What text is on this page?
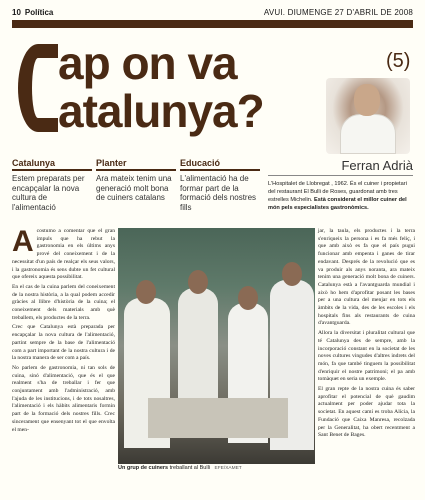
10 Política	AVUI. DIUMENGE 27 D'ABRIL DE 2008
ap on va
atalunya?
(5)
Catalunya

Estem preparats per encapçalar la nova cultura de l'alimentació

Planter

Ara mateix tenim una generació molt bona de cuiners catalans

Educació

L'alimentació ha de formar part de la formació dels nostres fills

Ferran Adrià
L'Hospitalet de Llobregat , 1962. És el cuiner i propietari del restaurant El Bulli de Roses, guardonat amb tres estrelles Michelin. Està considerat el millor cuiner del món pels especialistes gastronòmics.
A costumo a comentar que el gran impuls que ha rebut la gastronomia en els últims anys prové del coneixement i de la necessitat d'un país de realçar els seus valors, i la gastronomia és sens dubte un fet cultural que ofereix aquesta possibilitat.

En el cas de la cuina parlem del coneixement de la nostra història, a la qual podem accedir gràcies al llibre d'història de la cuina; el coneixement dels materials amb què treballem, els productes de la terra.

Crec que Catalunya està preparada per encapçalar la nova cultura de l'alimentació, partint sempre de la base de l'alimentació com a part important de la nostra cultura i de la nostra manera de ser com a país.

No parlem de gastronomia, ni tan sols de cuina, sinó d'alimentació, que és el que realment s'ha de treballar i fer que conjuntament amb l'administració, amb l'ajuda de les institucions, i de tots nosaltres, l'alimentació i els hàbits alimentaris formin part de la formació dels nostres fills. Crec sincerament que ensenyant tot el que envolta el men-

Un grup de cuiners treballant al Bulli EFE/XAMET

jar, la taula, els productes i la terra s'enriqueix la persona i es fa més feliç, i que amb això es fa que el país pugui funcionar amb empenta i ganes de tirar endavant. Després de la revolució que es va produir als anys noranta, ara mateix tenim una generació molt bona de cuiners. Catalunya està a l'avantguarda mundial i això ho hem d'aprofitar posant les bases per a una cultura del menjar en tots els àmbits de la vida, des de les escoles i els hospitals fins als restaurants de cuina d'avantguarda.

Allora la diversitat i pluralitat cultural que té Catalunya des de sempre, amb la incorporació constant en la societat de les noves cultures vingudes d'altres indrets del món, fa que també tinguem la possibilitat d'enriquir el nostre patrimoni; el pa amb tomàquet en seria un exemple.

El gran repte de la nostra cuina és saber aprofitar el potencial de què gaudim actualment per poder ajudar tota la societat. En aquest camí es troba Alícia, la Fundació que Caixa Manresa, recolzada per la Generalitat, ha obert recentment a Sant Benet de Bages.
